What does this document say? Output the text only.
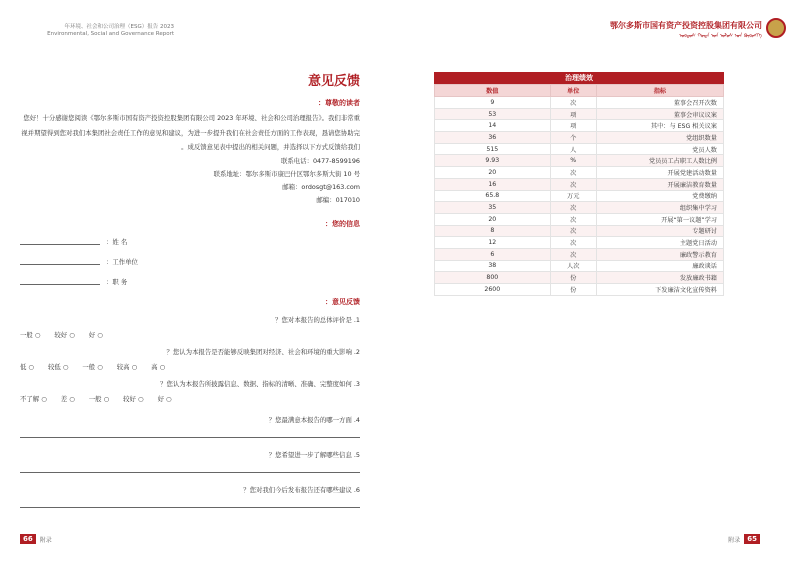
2023 年环境、社会和公司治理（ESG）报告
Environmental, Social and Governance Report
鄂尔多斯市国有资产投资控股集团有限公司
ᠣᠷᠳᠣᠰ ᠬᠣᠲᠠ ᠤᠨ ᠤᠯᠤᠰ ᠤᠨ ᠬᠥᠷᠥᠩᠭᠡ
意见反馈
尊敬的读者：
您好！十分感谢您阅读《鄂尔多斯市国有资产投资控股集团有限公司 2023 年环境、社会和公司治理报告》。我们非常重视并期望得到您对我们本集团社会责任工作的意见和建议，为进一步提升我们在社会责任方面的工作表现，恳请您协助完成反馈意见表中提出的相关问题，并选择以下方式反馈给我们。
联系电话：0477-8599196
联系地址：鄂尔多斯市康巴什区鄂尔多斯大街 10 号
邮箱：ordosgt@163.com
邮编：017010
您的信息：
姓 名：
工作单位：
职 务：
意见反馈：
1. 您对本报告的总体评价是？
○ 好
○ 较好
○ 一般
2. 您认为本报告是否能够反映集团对经济、社会和环境的重大影响？
○ 高
○ 较高
○ 一般
○ 较低
○ 低
3. 您认为本报告所披露信息、数据、指标的清晰、准确、完整度如何？
○ 好
○ 较好
○ 一般
○ 差
○ 不了解
4. 您最满意本报告的哪一方面？
5. 您希望进一步了解哪些信息？
6. 您对我们今后发布报告还有哪些建议？
治理绩效
数值	单位	指标
9	次	董事会召开次数
53	项	董事会审议议案
14	项	其中：与 ESG 相关议案
36	个	党组织数量
515	人	党员人数
9.93	%	党员员工占职工人数比例
20	次	开展党建活动数量
16	次	开展廉洁教育数量
65.8	万元	党费缴纳
35	次	组织集中学习
20	次	开展“第一议题”学习
8	次	专题研讨
12	次	主题党日活动
6	次	廉政警示教育
38	人次	廉政谈话
800	份	发放廉政书籍
2600	份	下发廉洁文化宣传资料
66	附录	附录	65
